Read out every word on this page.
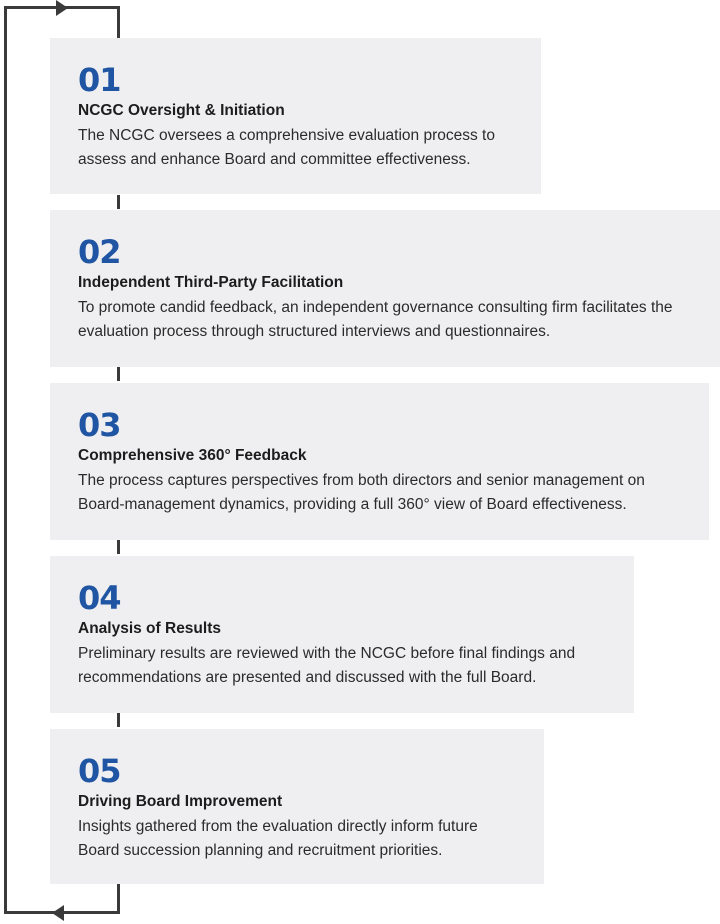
01
NCGC Oversight & Initiation
The NCGC oversees a comprehensive evaluation process to assess and enhance Board and committee effectiveness.
02
Independent Third-Party Facilitation
To promote candid feedback, an independent governance consulting firm facilitates the evaluation process through structured interviews and questionnaires.
03
Comprehensive 360° Feedback
The process captures perspectives from both directors and senior management on Board-management dynamics, providing a full 360° view of Board effectiveness.
04
Analysis of Results
Preliminary results are reviewed with the NCGC before final findings and recommendations are presented and discussed with the full Board.
05
Driving Board Improvement
Insights gathered from the evaluation directly inform future Board succession planning and recruitment priorities.
